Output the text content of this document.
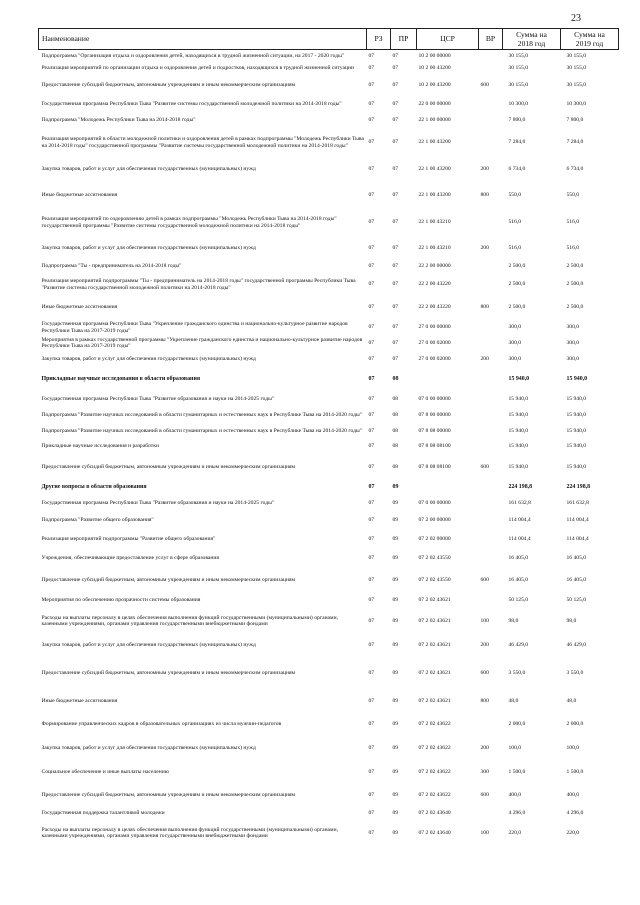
23
Наименование	РЗ	ПР	ЦСР	ВР	Сумма на
2018 год	Сумма на
2019 год

Подпрограмма "Организация отдыха и оздоровления детей, находящихся в трудной жизненной ситуации, на 2017 - 2020 годы"	07	07	10 2 00 00000		30 155,0	30 155,0
Реализация мероприятий по организации отдыха и оздоровления детей и подростков, находящихся в трудной жизненной ситуации	07	07	10 2 00 43200		30 155,0	30 155,0
Предоставление субсидий бюджетным, автономным учреждениям и иным некоммерческим организациям	07	07	10 2 00 43200	600	30 155,0	30 155,0
Государственная программа Республики Тыва "Развитие системы государственной молодежной политики на 2014-2018 годы"	07	07	22 0 00 00000		10 300,0	10 300,0
Подпрограмма "Молодежь Республики Тыва на 2014-2018 годы"	07	07	22 1 00 00000		7 800,0	7 800,0
Реализация мероприятий в области молодежной политики и оздоровления детей в рамках подпрограммы "Молодежь Республики Тыва на 2014-2018 годы" государственной программы "Развитие системы государственной молодежной политики на 2014-2018 годы"	07	07	22 1 00 43200		7 284,0	7 284,0
Закупка товаров, работ и услуг для обеспечения государственных (муниципальных) нужд	07	07	22 1 00 43200	200	6 734,0	6 734,0
Иные бюджетные ассигнования	07	07	22 1 00 43200	800	550,0	550,0
Реализация мероприятий по оздоровлению детей в рамках подпрограммы "Молодежь Республики Тыва на 2014-2018 годы" государственной программы "Развитие системы государственной молодежной политики на 2014-2018 годы"	07	07	22 1 00 43210		516,0	516,0
Закупка товаров, работ и услуг для обеспечения государственных (муниципальных) нужд	07	07	22 1 00 43210	200	516,0	516,0
Подпрограмма "Ты - предприниматель на 2014-2018 годы"	07	07	22 2 00 00000		2 500,0	2 500,0
Реализация мероприятий подпрограммы "Ты - предприниматель на 2014-2018 годы" государственной программы Республики Тыва "Развитие системы государственной молодежной политики на 2014-2018 годы"	07	07	22 2 00 43220		2 500,0	2 500,0
Иные бюджетные ассигнования	07	07	22 2 00 43220	800	2 500,0	2 500,0
Государственная программа Республики Тыва "Укрепление гражданского единства и национально-культурное развитие народов Республики Тыва на 2017-2019 годы"	07	07	27 0 00 00000		300,0	300,0
Мероприятия в рамках государственной программы "Укрепление гражданского единства и национально-культурное развитие народов Республики Тыва на 2017-2019 годы"	07	07	27 0 00 02000		300,0	300,0
Закупка товаров, работ и услуг для обеспечения государственных (муниципальных) нужд	07	07	27 0 00 02000	200	300,0	300,0
Прикладные научные исследования в области образования	07	08			15 940,0	15 940,0
Государственная программа Республики Тыва "Развитие образования и науки на 2014-2025 годы"	07	08	07 0 00 00000		15 940,0	15 940,0
Подпрограмма "Развитие научных исследований в области гуманитарных и естественных наук в Республике Тыва на 2014-2020 годы"	07	08	07 8 00 00000		15 940,0	15 940,0
Подпрограмма "Развитие научных исследований в области гуманитарных и естественных наук в Республике Тыва на 2014-2020 годы"	07	08	07 8 08 00000		15 940,0	15 940,0
Прикладные научные исследования и разработки	07	08	07 8 08 08100		15 940,0	15 940,0
Предоставление субсидий бюджетным, автономным учреждениям и иным некоммерческим организациям	07	08	07 8 08 08100	600	15 940,0	15 940,0
Другие вопросы в области образования	07	09			224 198,8	224 198,8
Государственная программа Республики Тыва "Развитие образования и науки на 2014-2025 годы"	07	09	07 0 00 00000		161 632,8	161 632,8
Подпрограмма "Развитие общего образования"	07	09	07 2 00 00000		114 004,4	114 004,4
Реализация мероприятий подпрограммы "Развитие общего образования"	07	09	07 2 02 00000		114 004,4	114 004,4
Учреждения, обеспечивающие предоставление услуг в сфере образования	07	09	07 2 02 43550		16 405,0	16 405,0
Предоставление субсидий бюджетным, автономным учреждениям и иным некоммерческим организациям	07	09	07 2 02 43550	600	16 405,0	16 405,0
Мероприятия по обеспечению прозрачности системы образования	07	09	07 2 02 43621		50 125,0	50 125,0
Расходы на выплаты персоналу в целях обеспечения выполнения функций государственными (муниципальными) органами, казенными учреждениями, органами управления государственными внебюджетными фондами	07	09	07 2 02 43621	100	98,0	98,0
Закупка товаров, работ и услуг для обеспечения государственных (муниципальных) нужд	07	09	07 2 02 43621	200	46 429,0	46 429,0
Предоставление субсидий бюджетным, автономным учреждениям и иным некоммерческим организациям	07	09	07 2 02 43621	600	3 550,0	3 550,0
Иные бюджетные ассигнования	07	09	07 2 02 43621	800	48,0	48,0
Формирование управленческих кадров в образовательных организациях из числа мужчин-педагогов	07	09	07 2 02 43622		2 000,0	2 000,0
Закупка товаров, работ и услуг для обеспечения государственных (муниципальных) нужд	07	09	07 2 02 43622	200	100,0	100,0
Социальное обеспечение и иные выплаты населению	07	09	07 2 02 43622	300	1 500,0	1 500,0
Предоставление субсидий бюджетным, автономным учреждениям и иным некоммерческим организациям	07	09	07 2 02 43622	600	400,0	400,0
Государственная поддержка талантливой молодежи	07	09	07 2 02 43640		4 296,0	4 296,0
Расходы на выплаты персоналу в целях обеспечения выполнения функций государственными (муниципальными) органами, казенными учреждениями, органами управления государственными внебюджетными фондами	07	09	07 2 02 43640	100	220,0	220,0
